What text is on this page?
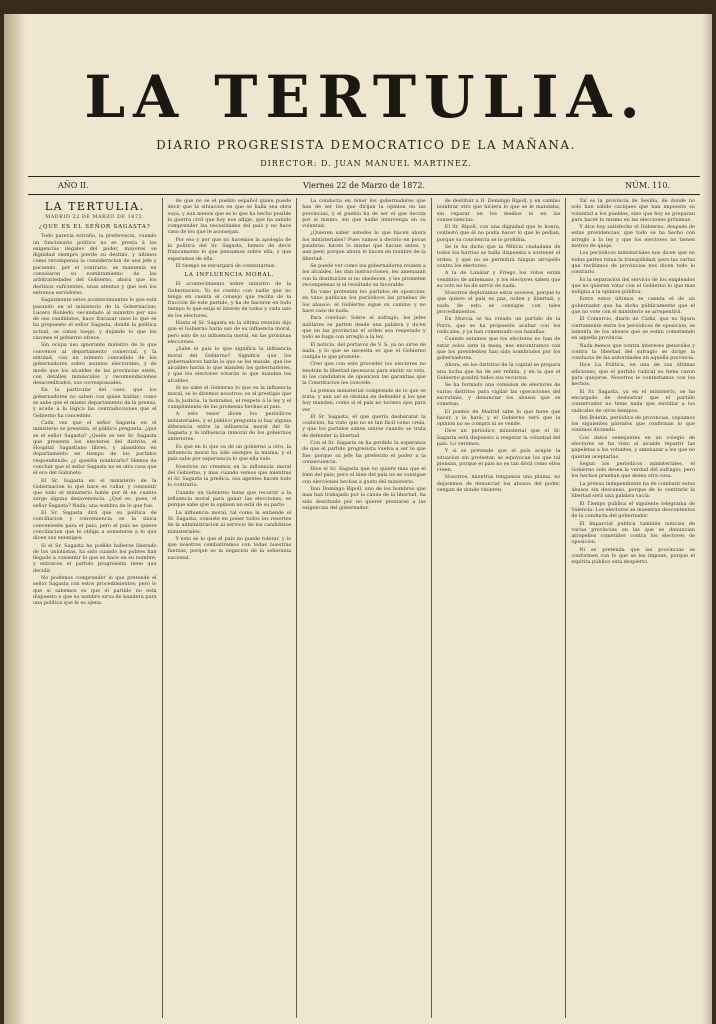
LA TERTULIA.
DIARIO PROGRESISTA DEMOCRATICO DE LA MAÑANA.
DIRECTOR: D. JUAN MANUEL MARTINEZ.
AÑO II.	Viernes 22 de Marzo de 1872.	NÚM. 110.
LA TERTULIA.
MADRID 22 DE MARZO DE 1872.
¿QUE ES EL SEÑOR SAGASTA?

Todo parecia estraño, la preferencia, cuando un funcionario político no es presta á las exigencias ilegales del poder, mayores se dignidad siempre pierde su destino, y últimos como recompensa la consideracion de una jefe y paciendo, por el contrario, se mantenia en consolaron su nombramiento de las arbitrariedades del Gobierno, ahora que los destinos suficientes, unas atentas y que son los estrenos servidores.

Sagázmente estos acontecimientos lo que está pasando en el ministerio de la Gobernacion; Lucero Robledo, secundado al ministro por uno de sus candidatos, hace fracasar unos lo que se ha propuesto el señor Sagasta, donde la política actual, se cansa luego, y dejando lo que las razones el gobierno ofrece.

Sin ocupa uso ignorante ministro de lo que convence al departamento comercial, y la entidad, con un número concedido de los gobernadores sobre asuntos electorales, y de modo que los alcaldes de las provincias estén, con detalles minúsculos y recomendaciones desacreditados, sus corresponsales.

En la particular del caso, que los gobernadores no saben con quien hablar; como se sabe que el mismo departamento de la prensa, y acude a la lógica las contradicciones que el Gobierno ha concedido.

Cada vez que el señor Sagasta en el ministerio se presenta, el público pregunta: ¿qué es el señor Sagasta? ¿Quién es ese Sr. Sagasta que presenta los electores del distrito, el Hospital Sagastiano libres, y abandona en departamento en tiempo de los partidos respondiendo: ¿y queréis nombrarlo? Hemos de concluir que el señor Sagasta no es otra cosa que el eco del Gabinete.

El Sr. Sagasta en el ministerio de la Gobernacion lo que hace es callar, y consentir que todo el ministerio hable por él en cuanto surge alguna desavenencia. ¿Qué es, pues, el señor Sagasta? Nada; una sombra de lo que fue.

El Sr. Sagasta dirá que su política de conciliacion y conveniencia es la única conveniente para el país; pero el país no quiere conciliacion que le obliga a someterse a lo que dicen sus enemigos.

Si el Sr. Sagasta ha podido haberse liberado de los unionistas, ha sido cuando los pobres han llegado a consentir lo que se hace en su nombre; y entonces el partido progresista tiene que decidir.

No podemos comprender lo que pretende el señor Sagasta con estos procedimientos; pero lo que sí sabemos es que el partido no está dispuesto a que su nombre sirva de bandera para una política que le es ajena.

de que no se el pueblo español quien puede decir que la situacion en que se halla sea obra suya, y aun menos que es lo que ha hecho posible la guerra civil que hoy nos aflige, que ha sabido comprender las necesidades del país y no hace caso de los que le aconsejan.

Por eso y por que no hacemos la apologia de la politica del Sr. Sagasta, hemos de decir francamente lo que pensamos sobre ella, y que esperamos de ella.

El tiempo se encargará de contestarnos.

LA INFLUENCIA MORAL.

El acontecimiento sobre ministro de la Gobernacion: Yo no cuento con nadie que no tenga en cuenta el consejo que reciba de la fraccion de este partido, y ha de hacerse en todo tiempo lo que exija el interés de todos y cada uno de los electores.

Hasta el Sr. Sagasta en la ultima reunion dijo que el Gobierno haría uso de su influencia moral, pero solo de su influencia moral, en las próximas elecciones.

¿Sabe el país lo que significa la influencia moral del Gobierno? Significa que los gobernadores harán lo que se les mande, que los alcaldes harán lo que manden los gobernadores, y que los electores votarán lo que manden los alcaldes.

Si no sabe el Gobierno lo que es la influencia moral, se lo diremos nosotros: es el prestigio que da la justicia, la honradez, el respeto á la ley y el cumplimiento de las promesas hechas al pais.

A este tenor dicen los periódicos ministeriales, y el público pregunta si hay alguna diferencia entre la influencia moral del Sr. Sagasta y la influencia inmoral de los gobiernos anteriores.

Es que en lo que va de un gobierno a otro, la influencia moral ha sido siempre la misma; y el país sabe por experiencia lo que ella vale.

Nosotros no creemos en la influencia moral del Gobierno, y mas cuando vemos que mientras el Sr. Sagasta la predica, sus agentes hacen todo lo contrario.

Cuando un Gobierno tiene que recurrir a la influencia moral para ganar las elecciones, es porque sabe que la opinion no está de su parte.

La influencia moral, tal como la entiende el Sr. Sagasta, consiste en poner todos los resortes de la administracion al servicio de los candidatos ministeriales.

Y esto es lo que el país no puede tolerar, y lo que nosotros combatiremos con todas nuestras fuerzas, porque es la negacion de la soberania nacional.

La conducta en tener los gobernadores que han de ser los que dirijan la opinion en las provincias, y el pueblo ha de ser el que decida por si mismo, sin que nadie intervenga en su voluntad.

¿Quieren saber ustedes lo que hacen ahora los ministeriales? Pues vamos a decirlo en pocas palabras: hacen lo mismo que hacian antes, y aun peor, porque ahora lo hacen en nombre de la libertad.

Se puede ver como los gobernadores reúnen a los alcaldes, les dan instrucciones, les amenazan con la destitucion si no obedecen, y les prometen recompensas si el resultado es favorable.

En vano protestan los partidos de oposicion; en vano publican los periódicos las pruebas de los abusos: el Gobierno sigue su camino y no hace caso de nada.

Para concluir: Sobre el sufragio, los jefes militares se parten desde una palabra y dicen que en las provincias el orden sea respetado y todo se haga con arreglo a la ley.

El noticia, del portavoz de V. S. ya no sirve de nada, y lo que se necesita es que el Gobierno cumpla lo que promete.

Creo que con este proceder los electores no tendrán la libertad necesaria para emitir su voto, ni los candidatos de oposicion las garantias que la Constitucion les concede.

La prensa ministerial comprende de lo que se trata, y aun así se obstina en defender a los que hoy mandan, como si el país no tuviera ojos para ver.

El Sr. Sagasta, el que quería desbaratar la coalicion, ha visto que no es tan fácil como creia, y que los partidos saben unirse cuando se trata de defender la libertad.

Con el Sr. Sagasta se ha perdido la esperanza de que el partido progresista vuelva a ser lo que fue; porque su jefe ha preferido el poder a la consecuencia.

Dice el Sr. Sagasta que no quiere mas que el bien del país; pero el bien del país no se consigue con elecciones hechas a gusto del ministerio.

Don Domingo Ripoll, uno de los hombres que mas han trabajado por la causa de la libertad, ha sido destituido por no querer prestarse a las exigencias del gobernador.

de destituir a D. Domingo Ripoll, y en cambio nombrar otro que hiciera lo que se le mandaba, sin reparar en los medios ni en las consecuencias.

El Sr. Ripoll, con una dignidad que le honra, contestó que él no podía hacer lo que le pedian, porque su conciencia se lo prohibia.

Se le ha dicho que la Milicia ciudadana de todos los barrios se halla dispuesta a sostener el orden, y que no se permitirá ningun atropello contra los electores.

A la de Lanáiar y Friego los votos están vendidos de antemano, y los electores saben que su voto no ha de servir de nada.

Nosotros deploramos estos sucesos, porque lo que quiere el país es paz, orden y libertad; y nada de esto se consigue con tales procedimientos.

En Murcia se ha creado un partido de la Porra, que se ha propuesto acabar con los radicales, y ya han comenzado sus hazañas.

Cuando estamos que los electores no han de estar solos ante la mesa, nos encontramos con que los presidentes han sido nombrados por los gobernadores.

Ahora, en los distritos de la capital se prepara una lucha que ha de ser reñida, y en la que el Gobierno pondrá todos sus recursos.

Se ha formado una comision de electores de varios distritos para vigilar las operaciones del escrutinio, y denunciar los abusos que se cometan.

El pueblo de Madrid sabe lo que tiene que hacer, y lo hará; y el Gobierno verá que la opinion no se compra ni se vende.

Dice un periódico ministerial que el Sr. Sagasta está dispuesto a respetar la voluntad del país. Lo veremos.

Y si se pretende que el país acepte la situacion sin protestar, se equivocan los que tal piensan, porque el país no es tan dócil como ellos creen.

Nosotros, mientras tengamos una pluma, no dejaremos de denunciar los abusos del poder, vengan de donde vinieren.

Tal es la provincia de Sevilla, de donde no solo han salido caciques que han impuesto su voluntad a los pueblos, sino que hoy se preparan para hacer lo mismo en las elecciones próximas.

Y dice hoy satisfecho el Gobierno, después de estas providencias, que todo se ha hecho con arreglo a la ley y que los electores no tienen motivo de queja.

Los periódicos ministeriales nos dicen que en todas partes reina la tranquilidad; pero las cartas que recibimos de provincias nos dicen todo lo contrario.

Es la separacion del servicio de los empleados que no quieren votar con el Gobierno lo que mas indigna a la opinion pública.

Entre estos últimos se cuenta el de un gobernador que ha dicho públicamente que el que no vote con el ministerio se arrepentirá.

El Comercio, diario de Cádiz, que no figura ciertamente entre los periódicos de oposicion, se lamenta de los abusos que se están cometiendo en aquella provincia.

Nada menos que contra intereses generales y contra la libertad del sufragio se dirige la conducta de las autoridades en aquella provincia.

Dice La Política, en una de sus últimas ediciones, que el partido radical no tiene razon para quejarse. Nosotros le contestamos con los hechos.

El Sr. Sagasta, ya en el ministerio, se ha encargado de demostrar que el partido conservador no tiene nada que envidiar a los radicales de otros tiempos.

Del Boletín, periódico de provincias, copiamos los siguientes párrafos que confirman lo que venimos diciendo.

Con datos semejantes en un colegio de electores se ha visto al alcalde repartir las papeletas a los votantes, y amenazar a los que no querian aceptarlas.

Segun los periódicos ministeriales, el Gobierno solo desea la verdad del sufragio; pero los hechos prueban que desea otra cosa.

La prensa independiente ha de combatir estos abusos sin descanso, porque de lo contrario la libertad será una palabra vacía.

El Tiempo publica el siguiente telegrama de Valencia: Los electores se muestran descontentos de la conducta del gobernador.

El Imparcial publica también noticias de varias provincias en las que se denuncian atropellos cometidos contra los electores de oposicion.

Ni se pretenda que las provincias se conformen con lo que se les impone, porque el espíritu público está despierto.
